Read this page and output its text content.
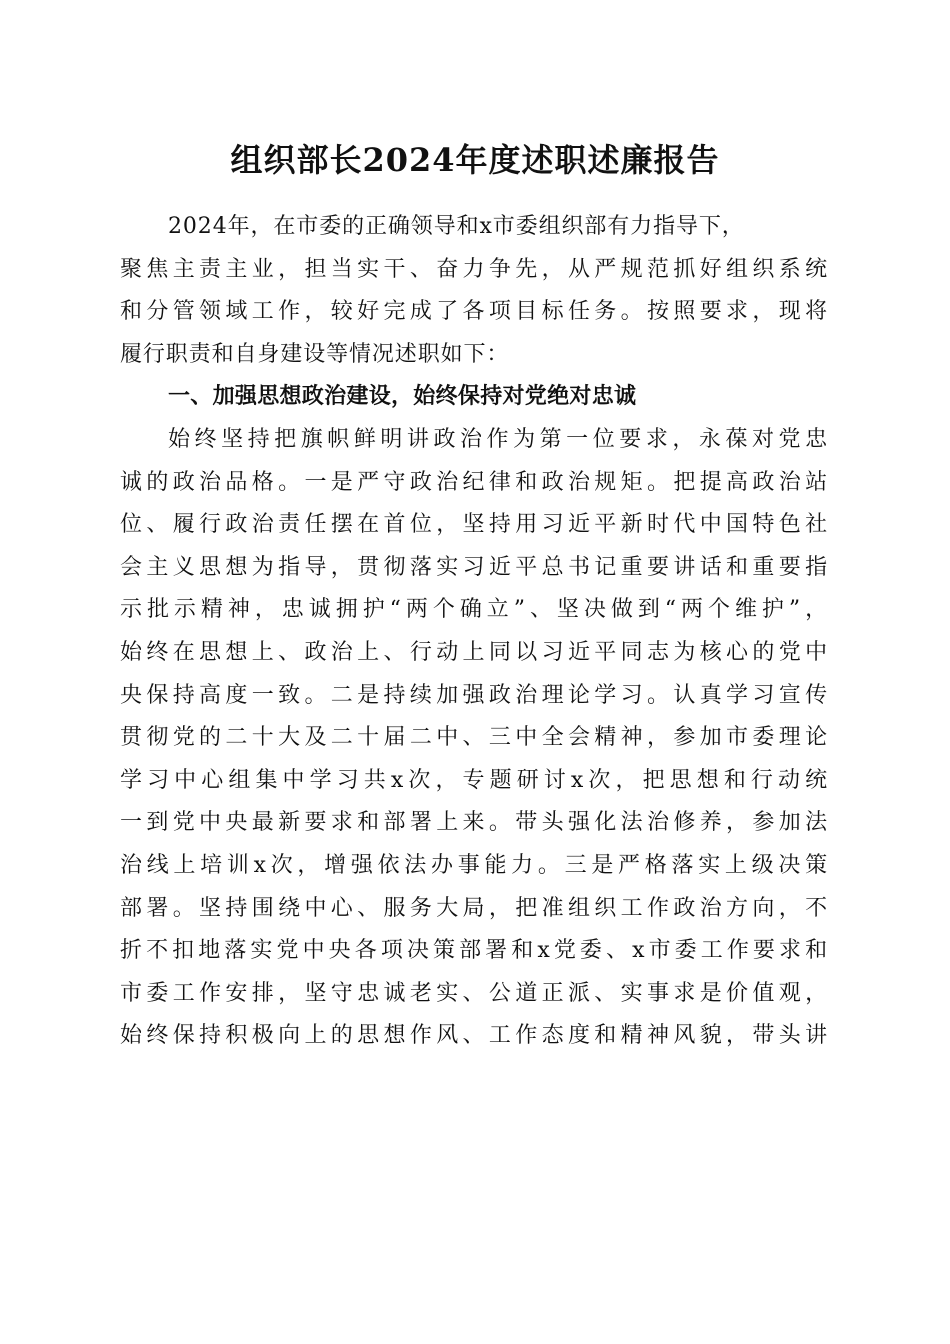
组织部长2024年度述职述廉报告
2024年，在市委的正确领导和x市委组织部有力指导下，
聚焦主责主业，担当实干、奋力争先，从严规范抓好组织系统
和分管领域工作，较好完成了各项目标任务。按照要求，现将
履行职责和自身建设等情况述职如下：
一、加强思想政治建设，始终保持对党绝对忠诚
始终坚持把旗帜鲜明讲政治作为第一位要求，永葆对党忠
诚的政治品格。一是严守政治纪律和政治规矩。把提高政治站
位、履行政治责任摆在首位，坚持用习近平新时代中国特色社
会主义思想为指导，贯彻落实习近平总书记重要讲话和重要指
示批示精神，忠诚拥护“两个确立”、坚决做到“两个维护”，
始终在思想上、政治上、行动上同以习近平同志为核心的党中
央保持高度一致。二是持续加强政治理论学习。认真学习宣传
贯彻党的二十大及二十届二中、三中全会精神，参加市委理论
学习中心组集中学习共x次，专题研讨x次，把思想和行动统
一到党中央最新要求和部署上来。带头强化法治修养，参加法
治线上培训x次，增强依法办事能力。三是严格落实上级决策
部署。坚持围绕中心、服务大局，把准组织工作政治方向，不
折不扣地落实党中央各项决策部署和x党委、x市委工作要求和
市委工作安排，坚守忠诚老实、公道正派、实事求是价值观，
始终保持积极向上的思想作风、工作态度和精神风貌，带头讲
